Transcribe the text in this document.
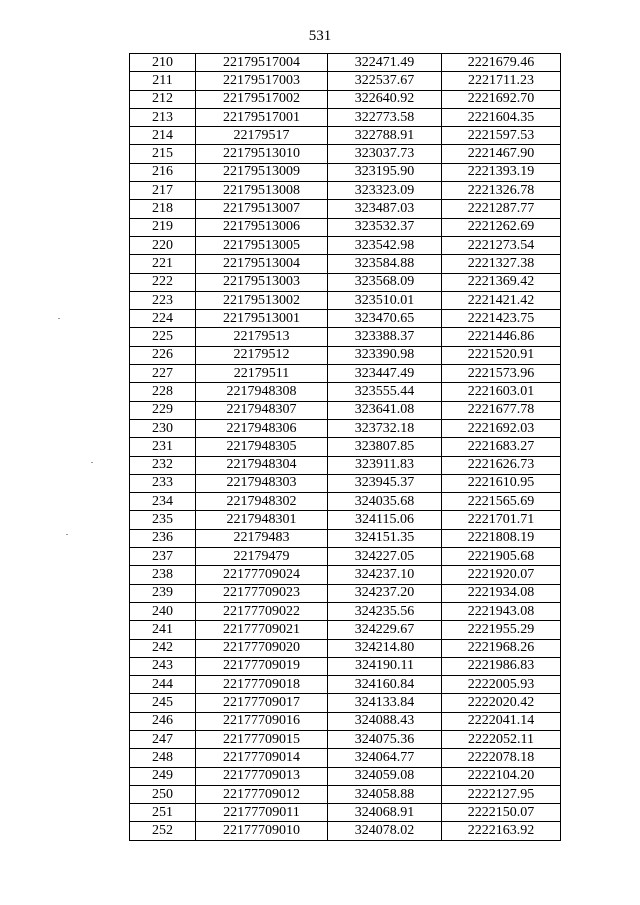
531
210	22179517004	322471.49	2221679.46
211	22179517003	322537.67	2221711.23
212	22179517002	322640.92	2221692.70
213	22179517001	322773.58	2221604.35
214	22179517	322788.91	2221597.53
215	22179513010	323037.73	2221467.90
216	22179513009	323195.90	2221393.19
217	22179513008	323323.09	2221326.78
218	22179513007	323487.03	2221287.77
219	22179513006	323532.37	2221262.69
220	22179513005	323542.98	2221273.54
221	22179513004	323584.88	2221327.38
222	22179513003	323568.09	2221369.42
223	22179513002	323510.01	2221421.42
224	22179513001	323470.65	2221423.75
225	22179513	323388.37	2221446.86
226	22179512	323390.98	2221520.91
227	22179511	323447.49	2221573.96
228	2217948308	323555.44	2221603.01
229	2217948307	323641.08	2221677.78
230	2217948306	323732.18	2221692.03
231	2217948305	323807.85	2221683.27
232	2217948304	323911.83	2221626.73
233	2217948303	323945.37	2221610.95
234	2217948302	324035.68	2221565.69
235	2217948301	324115.06	2221701.71
236	22179483	324151.35	2221808.19
237	22179479	324227.05	2221905.68
238	22177709024	324237.10	2221920.07
239	22177709023	324237.20	2221934.08
240	22177709022	324235.56	2221943.08
241	22177709021	324229.67	2221955.29
242	22177709020	324214.80	2221968.26
243	22177709019	324190.11	2221986.83
244	22177709018	324160.84	2222005.93
245	22177709017	324133.84	2222020.42
246	22177709016	324088.43	2222041.14
247	22177709015	324075.36	2222052.11
248	22177709014	324064.77	2222078.18
249	22177709013	324059.08	2222104.20
250	22177709012	324058.88	2222127.95
251	22177709011	324068.91	2222150.07
252	22177709010	324078.02	2222163.92
